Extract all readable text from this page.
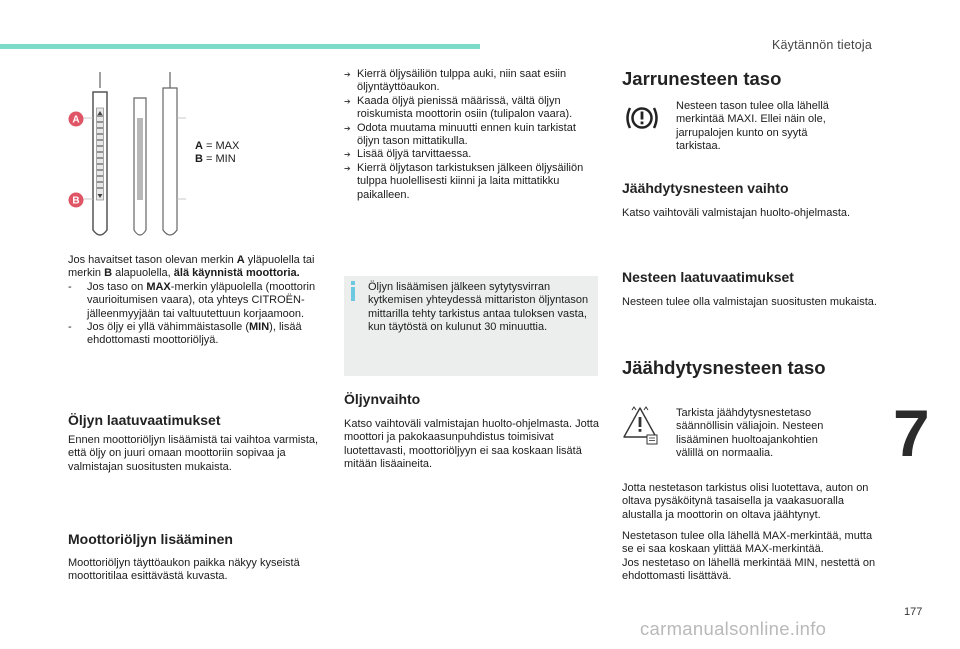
Käytännön tietoja
A
B
A = MAX
B = MIN
Jos havaitset tason olevan merkin A yläpuolella tai merkin B alapuolella, älä käynnistä moottoria.
- Jos taso on MAX-merkin yläpuolella (moottorin vaurioitumisen vaara), ota yhteys CITROËN-jälleenmyyjään tai valtuutettuun korjaamoon.
- Jos öljy ei yllä vähimmäistasolle (MIN), lisää ehdottomasti moottoriöljyä.
Öljyn laatuvaatimukset
Ennen moottoriöljyn lisäämistä tai vaihtoa varmista, että öljy on juuri omaan moottoriin sopivaa ja valmistajan suositusten mukaista.
Moottoriöljyn lisääminen
Moottoriöljyn täyttöaukon paikka näkyy kyseistä moottoritilaa esittävästä kuvasta.
➔ Kierrä öljysäiliön tulppa auki, niin saat esiin öljyntäyttöaukon.
➔ Kaada öljyä pienissä määrissä, vältä öljyn roiskumista moottorin osiin (tulipalon vaara).
➔ Odota muutama minuutti ennen kuin tarkistat öljyn tason mittatikulla.
➔ Lisää öljyä tarvittaessa.
➔ Kierrä öljytason tarkistuksen jälkeen öljysäiliön tulppa huolellisesti kiinni ja laita mittatikku paikalleen.
Öljyn lisäämisen jälkeen sytytysvirran kytkemisen yhteydessä mittariston öljyntason mittarilla tehty tarkistus antaa tuloksen vasta, kun täytöstä on kulunut 30 minuuttia.
Öljynvaihto
Katso vaihtoväli valmistajan huolto-ohjelmasta. Jotta moottori ja pakokaasunpuhdistus toimisivat luotettavasti, moottoriöljyyn ei saa koskaan lisätä mitään lisäaineita.
Jarrunesteen taso
Nesteen tason tulee olla lähellä merkintää MAXI. Ellei näin ole, jarrupalojen kunto on syytä tarkistaa.
Jäähdytysnesteen vaihto
Katso vaihtoväli valmistajan huolto-ohjelmasta.
Nesteen laatuvaatimukset
Nesteen tulee olla valmistajan suositusten mukaista.
Jäähdytysnesteen taso
Tarkista jäähdytysnestetaso säännöllisin väliajoin. Nesteen lisääminen huoltoajankohtien välillä on normaalia.
Jotta nestetason tarkistus olisi luotettava, auton on oltava pysäköitynä tasaisella ja vaakasuoralla alustalla ja moottorin on oltava jäähtynyt.
Nestetason tulee olla lähellä MAX-merkintää, mutta se ei saa koskaan ylittää MAX-merkintää.
Jos nestetaso on lähellä merkintää MIN, nestettä on ehdottomasti lisättävä.
7
177
carmanualsonline.info
